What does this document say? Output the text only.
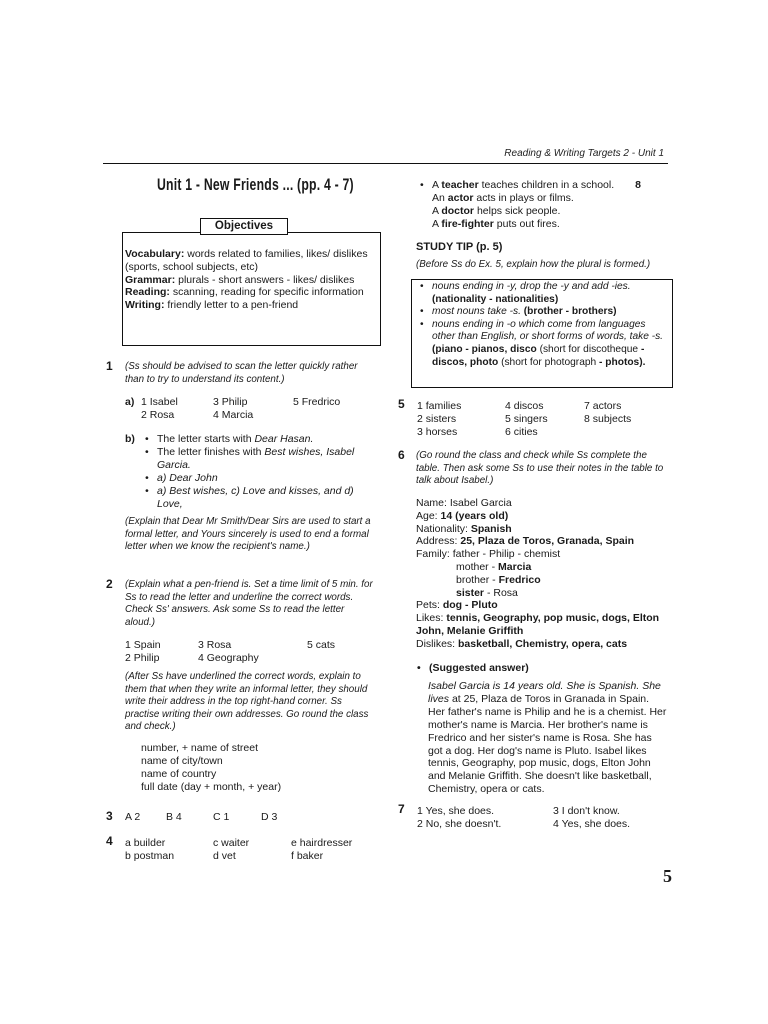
Reading & Writing Targets 2 - Unit 1
Unit 1 - New Friends ... (pp. 4 - 7)
Objectives
Vocabulary: words related to families, likes/ dislikes (sports, school subjects, etc)
Grammar: plurals - short answers - likes/ dislikes
Reading: scanning, reading for specific information
Writing: friendly letter to a pen-friend
1 (Ss should be advised to scan the letter quickly rather than to try to understand its content.)
a) 1 Isabel	3 Philip	5 Fredrico
2 Rosa	4 Marcia
b)
• The letter starts with Dear Hasan.
• The letter finishes with Best wishes, Isabel Garcia.
• a) Dear John
• a) Best wishes, c) Love and kisses, and d) Love,
(Explain that Dear Mr Smith/Dear Sirs are used to start a formal letter, and Yours sincerely is used to end a formal letter when we know the recipient's name.)
2 (Explain what a pen-friend is. Set a time limit of 5 min. for Ss to read the letter and underline the correct words. Check Ss' answers. Ask some Ss to read the letter aloud.)
1 Spain	3 Rosa	5 cats
2 Philip	4 Geography
(After Ss have underlined the correct words, explain to them that when they write an informal letter, they should write their address in the top right-hand corner. Ss practise writing their own addresses. Go round the class and check.)
number, + name of street
name of city/town
name of country
full date (day + month, + year)
3 A 2 B 4	C 1	D 3
4 a builder	c waiter	e hairdresser
b postman	d vet	f baker
• A teacher teaches children in a school. 8
An actor acts in plays or films.
A doctor helps sick people.
A fire-fighter puts out fires.
STUDY TIP (p. 5)
(Before Ss do Ex. 5, explain how the plural is formed.)
• nouns ending in -y, drop the -y and add -ies. (nationality - nationalities)
• most nouns take -s. (brother - brothers)
• nouns ending in -o which come from languages other than English, or short forms of words, take -s. (piano - pianos, disco (short for discotheque - discos, photo (short for photograph - photos).
5 1 families	4 discos	7 actors
2 sisters	5 singers	8 subjects
3 horses	6 cities
6 (Go round the class and check while Ss complete the table. Then ask some Ss to use their notes in the table to talk about Isabel.)
Name: Isabel Garcia
Age: 14 (years old)
Nationality: Spanish
Address: 25, Plaza de Toros, Granada, Spain
Family: father - Philip - chemist
mother - Marcia
brother - Fredrico
sister - Rosa
Pets: dog - Pluto
Likes: tennis, Geography, pop music, dogs, Elton John, Melanie Griffith
Dislikes: basketball, Chemistry, opera, cats
• (Suggested answer)
Isabel Garcia is 14 years old. She is Spanish. She lives at 25, Plaza de Toros in Granada in Spain. Her father's name is Philip and he is a chemist. Her mother's name is Marcia. Her brother's name is Fredrico and her sister's name is Rosa. She has got a dog. Her dog's name is Pluto. Isabel likes tennis, Geography, pop music, dogs, Elton John and Melanie Griffith. She doesn't like basketball, Chemistry, opera or cats.
7 1 Yes, she does.	3 I don't know.
2 No, she doesn't.	4 Yes, she does.
5
